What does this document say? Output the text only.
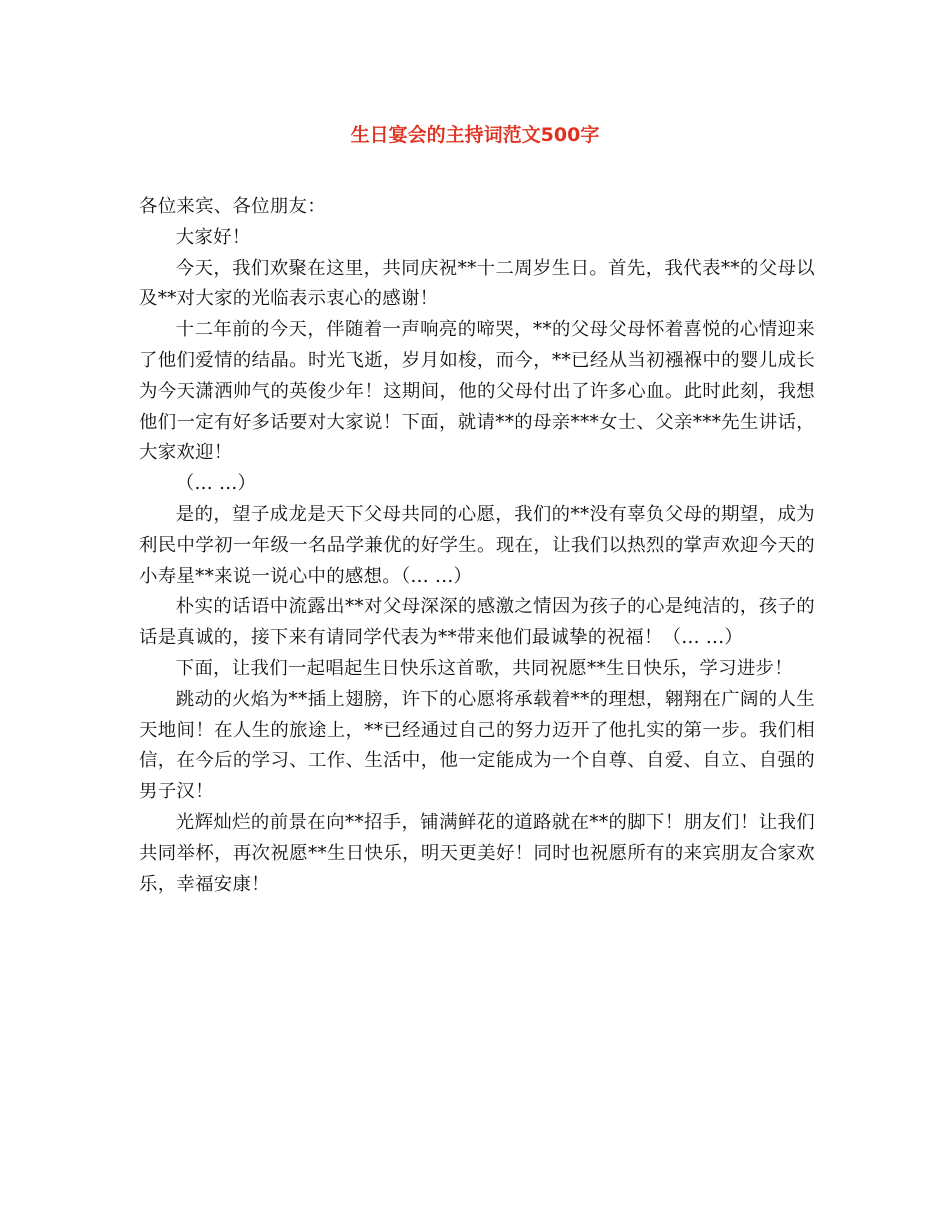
生日宴会的主持词范文500字

各位来宾、各位朋友：

大家好！

今天，我们欢聚在这里，共同庆祝**十二周岁生日。首先，我代表**的父母以及**对大家的光临表示衷心的感谢！

十二年前的今天，伴随着一声响亮的啼哭，**的父母父母怀着喜悦的心情迎来了他们爱情的结晶。时光飞逝，岁月如梭，而今，**已经从当初襁褓中的婴儿成长为今天潇洒帅气的英俊少年！这期间，他的父母付出了许多心血。此时此刻，我想他们一定有好多话要对大家说！下面，就请**的母亲***女士、父亲***先生讲话，大家欢迎！

（... ...）

是的，望子成龙是天下父母共同的心愿，我们的**没有辜负父母的期望，成为利民中学初一年级一名品学兼优的好学生。现在，让我们以热烈的掌声欢迎今天的小寿星**来说一说心中的感想。（... ...）

朴实的话语中流露出**对父母深深的感激之情因为孩子的心是纯洁的，孩子的话是真诚的，接下来有请同学代表为**带来他们最诚挚的祝福！（... ...）

下面，让我们一起唱起生日快乐这首歌，共同祝愿**生日快乐，学习进步！

跳动的火焰为**插上翅膀，许下的心愿将承载着**的理想，翱翔在广阔的人生天地间！在人生的旅途上，**已经通过自己的努力迈开了他扎实的第一步。我们相信，在今后的学习、工作、生活中，他一定能成为一个自尊、自爱、自立、自强的男子汉！

光辉灿烂的前景在向**招手，铺满鲜花的道路就在**的脚下！朋友们！让我们共同举杯，再次祝愿**生日快乐，明天更美好！同时也祝愿所有的来宾朋友合家欢乐，幸福安康！
